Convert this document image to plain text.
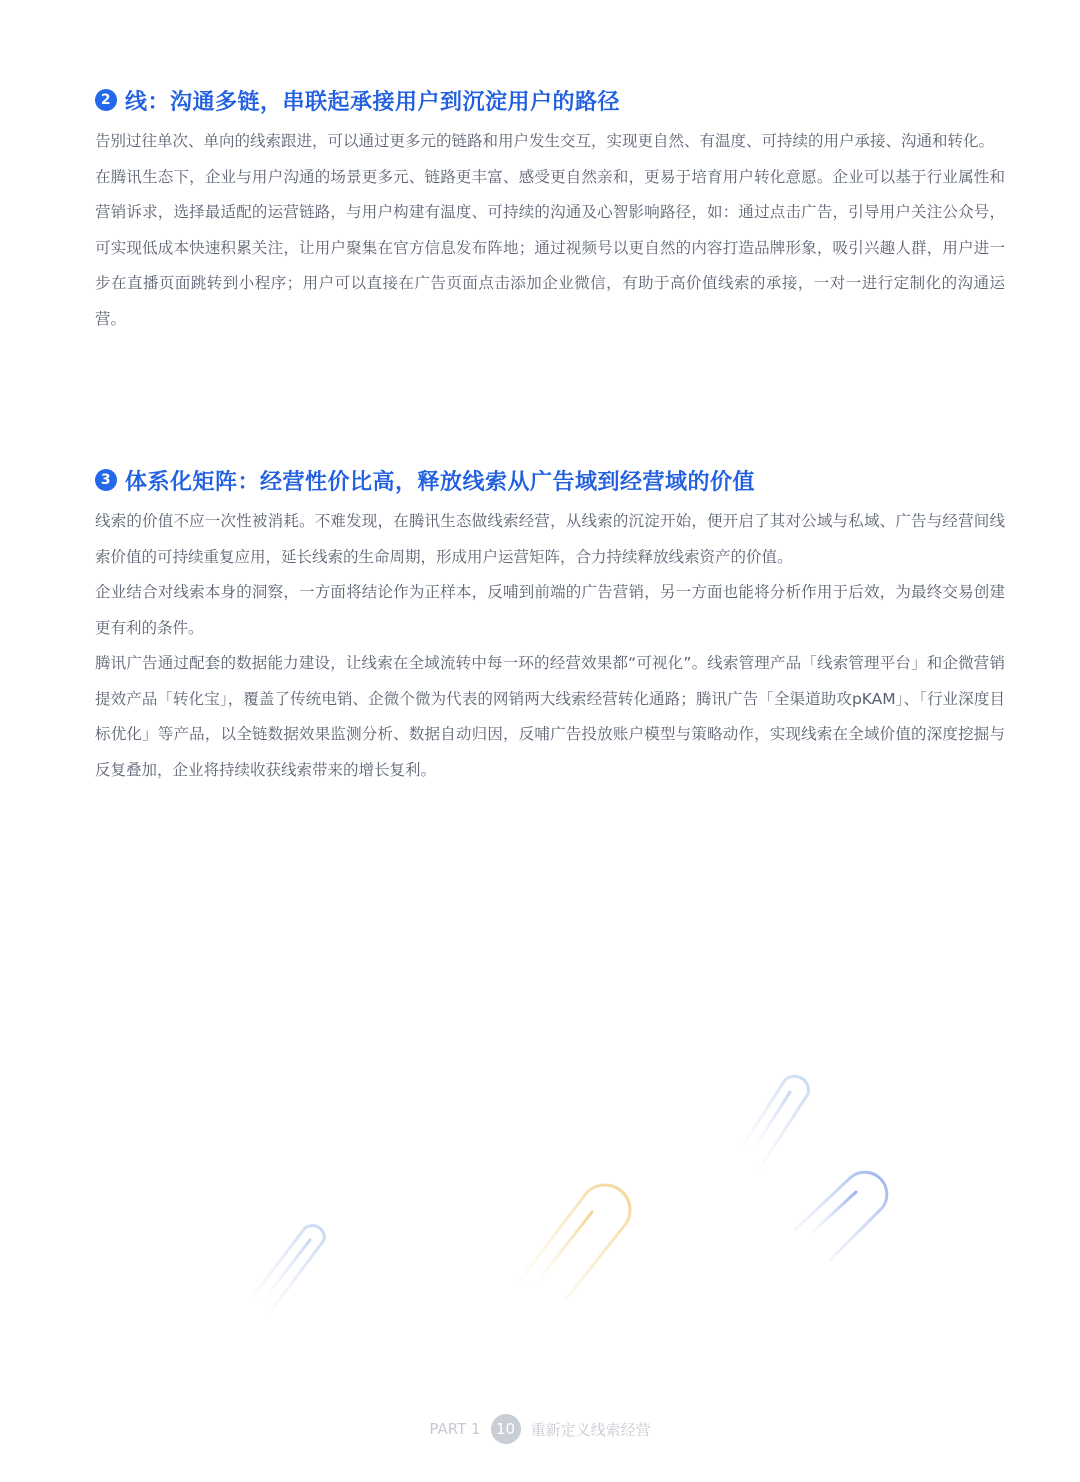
2 线：沟通多链，串联起承接用户到沉淀用户的路径

告别过往单次、单向的线索跟进，可以通过更多元的链路和用户发生交互，实现更自然、有温度、可持续的用户承接、沟通和转化。

在腾讯生态下，企业与用户沟通的场景更多元、链路更丰富、感受更自然亲和，更易于培育用户转化意愿。企业可以基于行业属性和营销诉求，选择最适配的运营链路，与用户构建有温度、可持续的沟通及心智影响路径，如：通过点击广告，引导用户关注公众号，可实现低成本快速积累关注，让用户聚集在官方信息发布阵地；通过视频号以更自然的内容打造品牌形象，吸引兴趣人群，用户进一步在直播页面跳转到小程序；用户可以直接在广告页面点击添加企业微信，有助于高价值线索的承接，一对一进行定制化的沟通运营。

3 体系化矩阵：经营性价比高，释放线索从广告域到经营域的价值

线索的价值不应一次性被消耗。不难发现，在腾讯生态做线索经营，从线索的沉淀开始，便开启了其对公域与私域、广告与经营间线索价值的可持续重复应用，延长线索的生命周期，形成用户运营矩阵，合力持续释放线索资产的价值。

企业结合对线索本身的洞察，一方面将结论作为正样本，反哺到前端的广告营销，另一方面也能将分析作用于后效，为最终交易创建更有利的条件。

腾讯广告通过配套的数据能力建设，让线索在全域流转中每一环的经营效果都“可视化”。线索管理产品「线索管理平台」和企微营销提效产品「转化宝」，覆盖了传统电销、企微个微为代表的网销两大线索经营转化通路；腾讯广告「全渠道助攻pKAM」、「行业深度目标优化」等产品，以全链数据效果监测分析、数据自动归因，反哺广告投放账户模型与策略动作，实现线索在全域价值的深度挖掘与反复叠加，企业将持续收获线索带来的增长复利。

PART 1	10	重新定义线索经营
